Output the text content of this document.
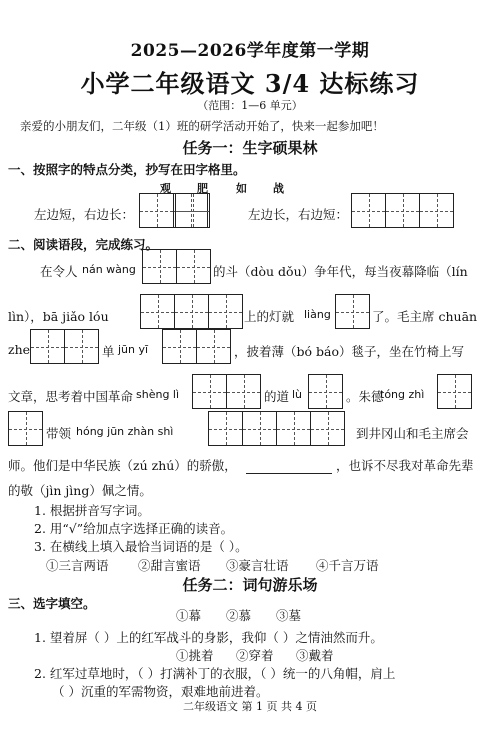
2025—2026学年度第一学期
小学二年级语文 3/4 达标练习
（范围：1—6 单元）
亲爱的小朋友们，二年级（1）班的研学活动开始了，快来一起参加吧！
任务一：生字硕果林
一、按照字的特点分类，抄写在田字格里。
观 肥	如 战
左边短，右边长：	左边长，右边短：
二、阅读语段，完成练习。
在令人 nán wàng	的斗（dòu dǒu）争年代，每当夜幕降临（lín
lìn），bā jiǎo lóu	上的灯就 liàng	了。毛主席 chuān
zhe	单 jūn yī	，披着薄（bó báo）毯子，坐在竹椅上写
文章，思考着中国革命 shèng lì	的道 lù	。朱德
tóng zhì
带领 hóng jūn zhàn shì	到井冈山和毛主席会
师。他们是中华民族（zú zhú）的骄傲，	，也诉不尽我对革命先辈
的敬（jìn jìng）佩之情。
1. 根据拼音写字词。
2. 用“√”给加点字选择正确的读音。
3. 在横线上填入最恰当词语的是（ ）。
①三言两语 ②甜言蜜语 ③豪言壮语 ④千言万语
任务二：词句游乐场
三、选字填空。
①幕 ②慕 ③墓
1. 望着屏（ ）上的红军战斗的身影，我仰（ ）之情油然而升。
①挑着 ②穿着 ③戴着
2. 红军过草地时，（ ）打满补丁的衣服，（ ）统一的八角帽，肩上
（ ）沉重的军需物资，艰难地前进着。
二年级语文 第 1 页 共 4 页
